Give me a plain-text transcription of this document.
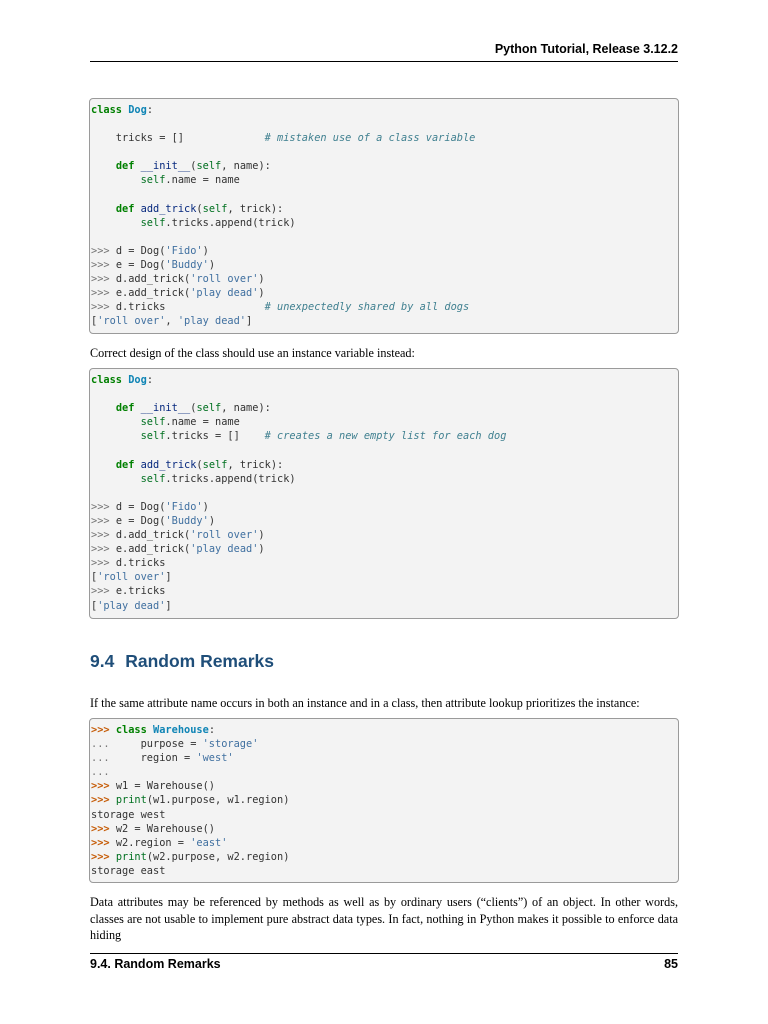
Python Tutorial, Release 3.12.2
class Dog:

tricks = []             # mistaken use of a class variable

def __init__(self, name):
self.name = name

def add_trick(self, trick):
self.tricks.append(trick)

>>> d = Dog('Fido')
>>> e = Dog('Buddy')
>>> d.add_trick('roll over')
>>> e.add_trick('play dead')
>>> d.tricks                # unexpectedly shared by all dogs
['roll over', 'play dead']
Correct design of the class should use an instance variable instead:
class Dog:

def __init__(self, name):
self.name = name
self.tricks = []    # creates a new empty list for each dog

def add_trick(self, trick):
self.tricks.append(trick)

>>> d = Dog('Fido')
>>> e = Dog('Buddy')
>>> d.add_trick('roll over')
>>> e.add_trick('play dead')
>>> d.tricks
['roll over']
>>> e.tricks
['play dead']
9.4 Random Remarks
If the same attribute name occurs in both an instance and in a class, then attribute lookup prioritizes the instance:
>>> class Warehouse:
...     purpose = 'storage'
...     region = 'west'
...
>>> w1 = Warehouse()
>>> print(w1.purpose, w1.region)
storage west
>>> w2 = Warehouse()
>>> w2.region = 'east'
>>> print(w2.purpose, w2.region)
storage east
Data attributes may be referenced by methods as well as by ordinary users (“clients”) of an object. In other words, classes are not usable to implement pure abstract data types. In fact, nothing in Python makes it possible to enforce data hiding
9.4. Random Remarks	85
